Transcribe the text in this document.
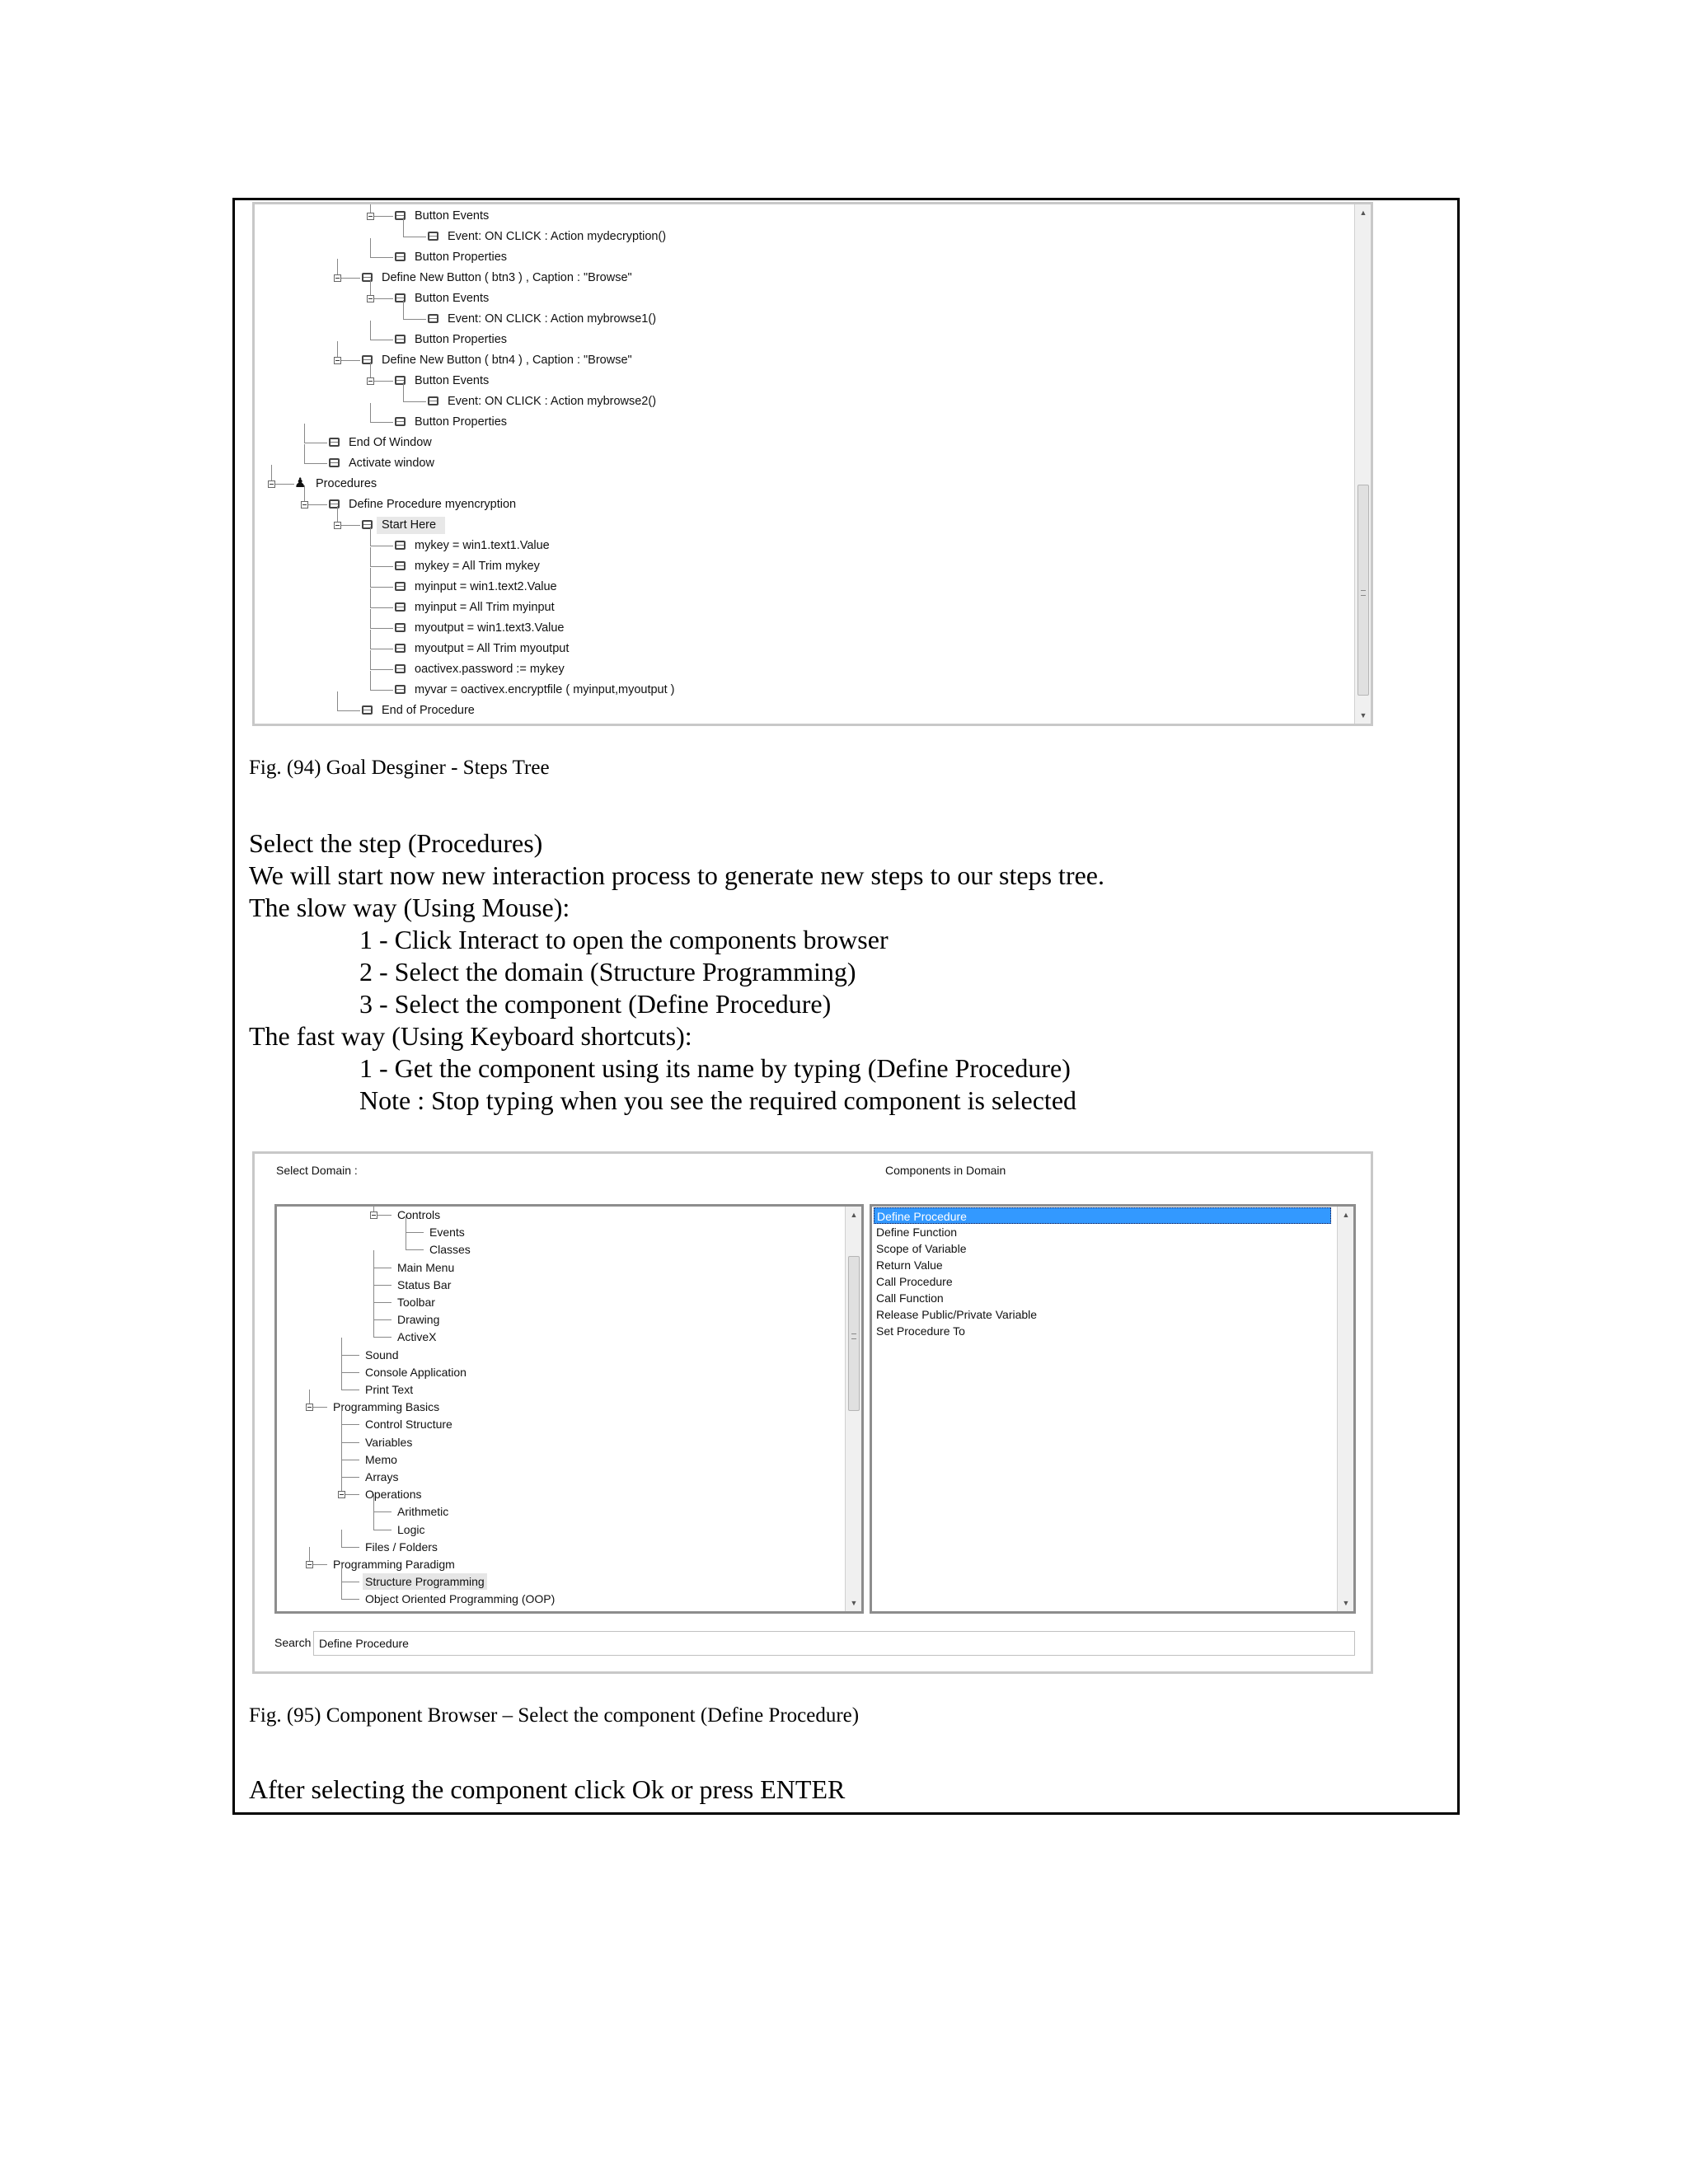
▲
▼
Button Events
Event: ON CLICK : Action mydecryption()
Button Properties
Define New Button ( btn3 ) , Caption : "Browse"
Button Events
Event: ON CLICK : Action mybrowse1()
Button Properties
Define New Button ( btn4 ) , Caption : "Browse"
Button Events
Event: ON CLICK : Action mybrowse2()
Button Properties
End Of Window
Activate window
♟ Procedures
Define Procedure myencryption
Start Here
mykey = win1.text1.Value
mykey = All Trim mykey
myinput = win1.text2.Value
myinput = All Trim myinput
myoutput = win1.text3.Value
myoutput = All Trim myoutput
oactivex.password := mykey
myvar = oactivex.encryptfile ( myinput,myoutput )
End of Procedure
Fig. (94) Goal Desginer - Steps Tree
Select the step (Procedures)
We will start now new interaction process to generate new steps to our steps tree.
The slow way (Using Mouse):
1 - Click Interact to open the components browser
2 - Select the domain (Structure Programming)
3 - Select the component (Define Procedure)
The fast way (Using Keyboard shortcuts):
1 - Get the component using its name by typing (Define Procedure)
Note : Stop typing when you see the required component is selected
Select Domain :	Components in Domain
▲
▼
Controls
Events
Classes
Main Menu
Status Bar
Toolbar
Drawing
ActiveX
Sound
Console Application
Print Text
Programming Basics
Control Structure
Variables
Memo
Arrays
Operations
Arithmetic
Logic
Files / Folders
Programming Paradigm
Structure Programming
Object Oriented Programming (OOP)
▲
▼
Define Procedure
Define Function
Scope of Variable
Return Value
Call Procedure
Call Function
Release Public/Private Variable
Set Procedure To
Search Define Procedure
Fig. (95) Component Browser – Select the component (Define Procedure)
After selecting the component click Ok or press ENTER
